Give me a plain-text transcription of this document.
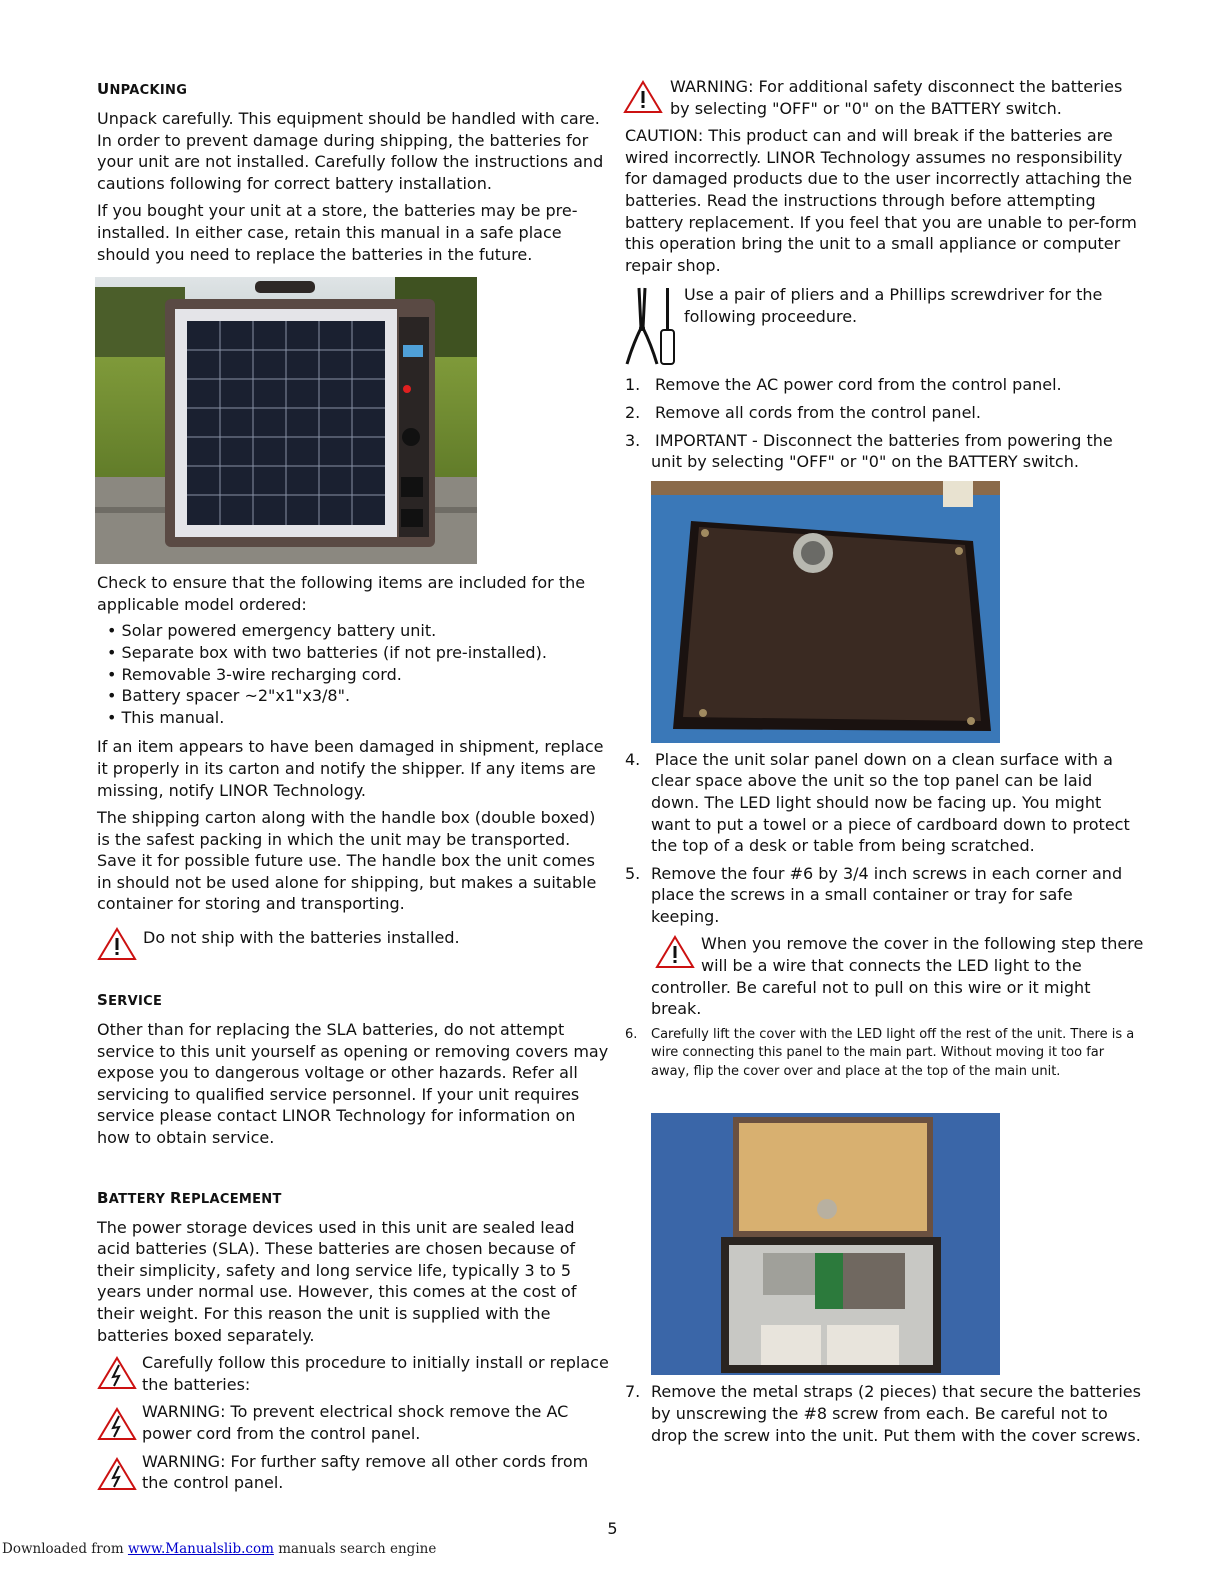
UNPACKING

Unpack carefully. This equipment should be handled with care. In order to prevent damage during shipping, the batteries for your unit are not installed. Carefully follow the instructions and cautions following for correct battery installation.

If you bought your unit at a store, the batteries may be pre-installed. In either case, retain this manual in a safe place should you need to replace the batteries in the future.

Check to ensure that the following items are included for the applicable model ordered:

• Solar powered emergency battery unit.
• Separate box with two batteries (if not pre-installed).
• Removable 3-wire recharging cord.
• Battery spacer ~2"x1"x3/8".
• This manual.

If an item appears to have been damaged in shipment, replace it properly in its carton and notify the shipper. If any items are missing, notify LINOR Technology.

The shipping carton along with the handle box (double boxed) is the safest packing in which the unit may be transported. Save it for possible future use. The handle box the unit comes in should not be used alone for shipping, but makes a suitable container for storing and transporting.

Do not ship with the batteries installed.
SERVICE

Other than for replacing the SLA batteries, do not attempt service to this unit yourself as opening or removing covers may expose you to dangerous voltage or other hazards. Refer all servicing to qualified service personnel. If your unit requires service please contact LINOR Technology for information on how to obtain service.

BATTERY REPLACEMENT

The power storage devices used in this unit are sealed lead acid batteries (SLA). These batteries are chosen because of their simplicity, safety and long service life, typically 3 to 5 years under normal use. However, this comes at the cost of their weight. For this reason the unit is supplied with the batteries boxed separately.

Carefully follow this procedure to initially install or replace the batteries:
WARNING: To prevent electrical shock remove the AC power cord from the control panel.
WARNING: For further safty remove all other cords from the control panel.
WARNING: For additional safety disconnect the batteries by selecting "OFF" or "0" on the BATTERY switch.

CAUTION: This product can and will break if the batteries are wired incorrectly. LINOR Technology assumes no responsibility for damaged products due to the user incorrectly attaching the batteries. Read the instructions through before attempting battery replacement. If you feel that you are unable to per-form this operation bring the unit to a small appliance or computer repair shop.

Use a pair of pliers and a Phillips screwdriver for the following proceedure.
1. Remove the AC power cord from the control panel.
2. Remove all cords from the control panel.
3. IMPORTANT - Disconnect the batteries from powering the unit by selecting "OFF" or "0" on the BATTERY switch.
4. Place the unit solar panel down on a clean surface with a clear space above the unit so the top panel can be laid down. The LED light should now be facing up. You might want to put a towel or a piece of cardboard down to protect the top of a desk or table from being scratched.
5. Remove the four #6 by 3/4 inch screws in each corner and place the screws in a small container or tray for safe keeping.
When you remove the cover in the following step there will be a wire that connects the LED light to the controller. Be careful not to pull on this wire or it might break.
6. Carefully lift the cover with the LED light off the rest of the unit. There is a wire connecting this panel to the main part. Without moving it too far away, flip the cover over and place at the top of the main unit.
7. Remove the metal straps (2 pieces) that secure the batteries by unscrewing the #8 screw from each. Be careful not to drop the screw into the unit. Put them with the cover screws.
5
Downloaded from www.Manualslib.com manuals search engine
